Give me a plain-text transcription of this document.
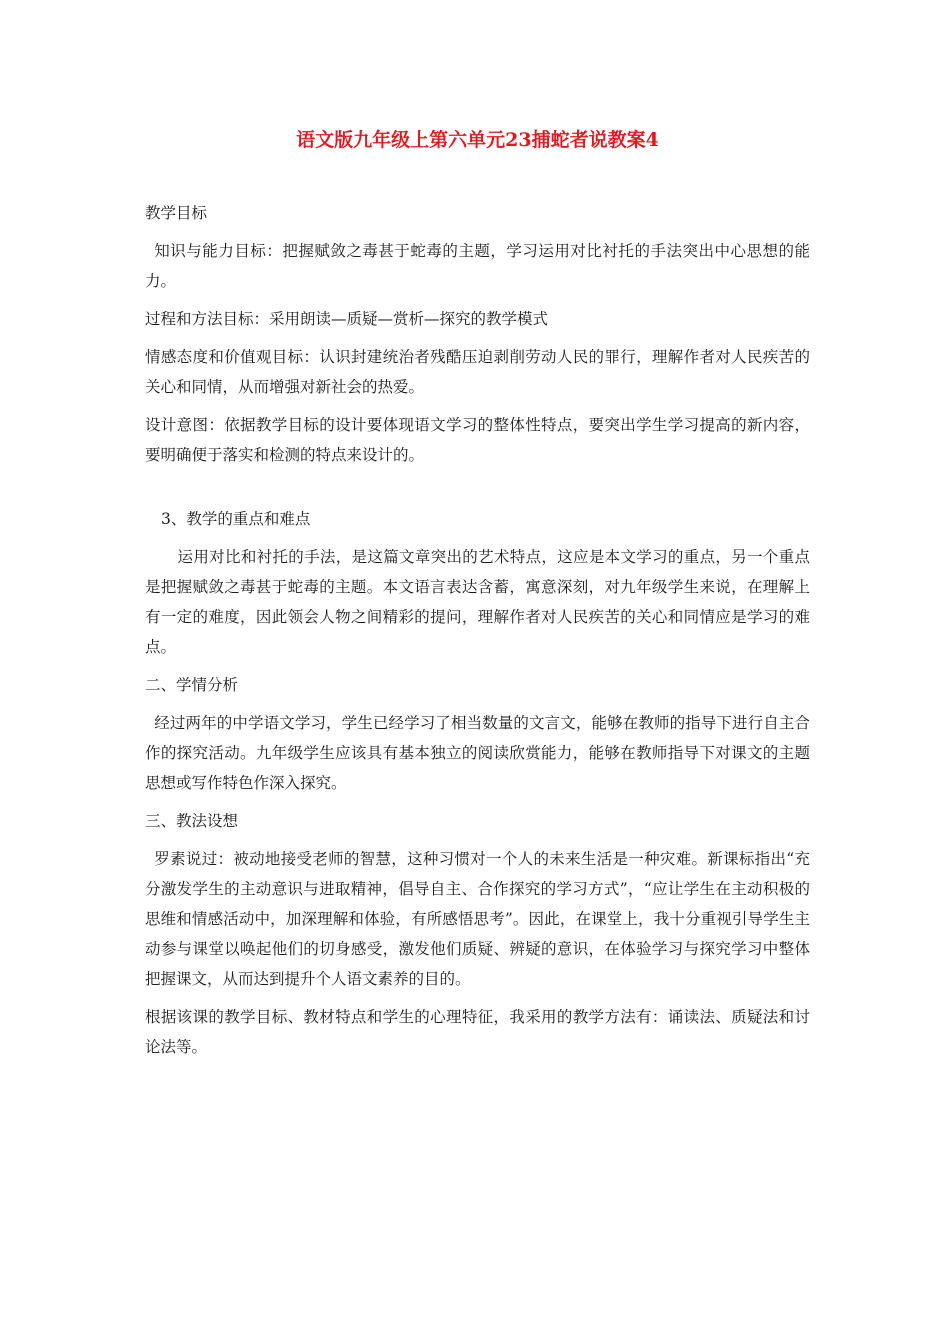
语文版九年级上第六单元23捕蛇者说教案4

教学目标

知识与能力目标：把握赋敛之毒甚于蛇毒的主题，学习运用对比衬托的手法突出中心思想的能力。

过程和方法目标：采用朗读—质疑—赏析—探究的教学模式

情感态度和价值观目标：认识封建统治者残酷压迫剥削劳动人民的罪行，理解作者对人民疾苦的关心和同情，从而增强对新社会的热爱。

设计意图：依据教学目标的设计要体现语文学习的整体性特点，要突出学生学习提高的新内容，要明确便于落实和检测的特点来设计的。

3、教学的重点和难点

运用对比和衬托的手法，是这篇文章突出的艺术特点，这应是本文学习的重点，另一个重点是把握赋敛之毒甚于蛇毒的主题。本文语言表达含蓄，寓意深刻，对九年级学生来说，在理解上有一定的难度，因此领会人物之间精彩的提问，理解作者对人民疾苦的关心和同情应是学习的难点。

二、学情分析

经过两年的中学语文学习，学生已经学习了相当数量的文言文，能够在教师的指导下进行自主合作的探究活动。九年级学生应该具有基本独立的阅读欣赏能力，能够在教师指导下对课文的主题思想或写作特色作深入探究。

三、教法设想

罗素说过：被动地接受老师的智慧，这种习惯对一个人的未来生活是一种灾难。新课标指出“充分激发学生的主动意识与进取精神，倡导自主、合作探究的学习方式”，“应让学生在主动积极的思维和情感活动中，加深理解和体验，有所感悟思考”。因此，在课堂上，我十分重视引导学生主动参与课堂以唤起他们的切身感受，激发他们质疑、辨疑的意识，在体验学习与探究学习中整体把握课文，从而达到提升个人语文素养的目的。

根据该课的教学目标、教材特点和学生的心理特征，我采用的教学方法有：诵读法、质疑法和讨论法等。
